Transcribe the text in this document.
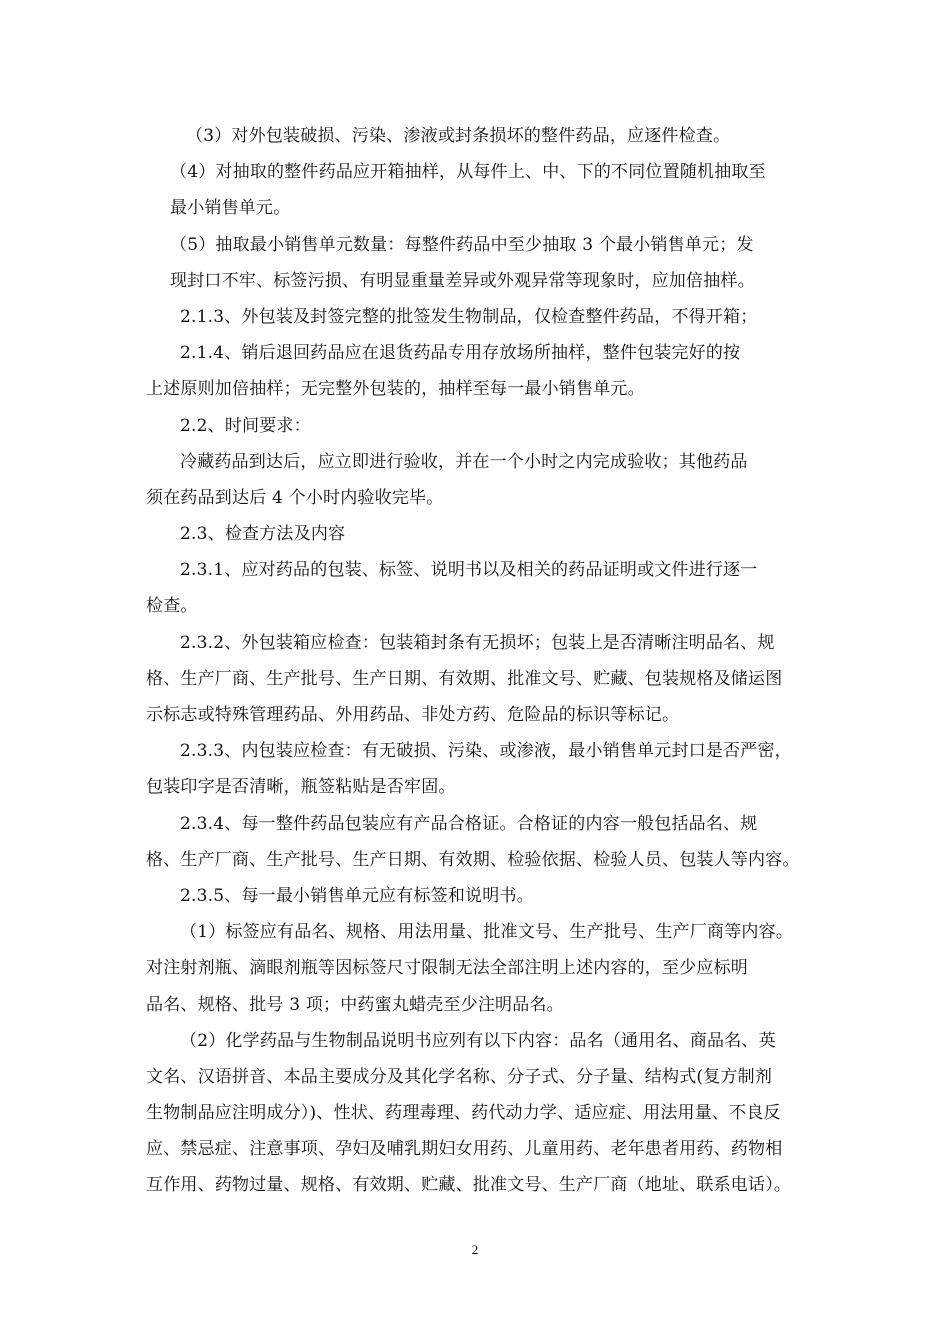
（3）对外包装破损、污染、渗液或封条损坏的整件药品，应逐件检查。
（4）对抽取的整件药品应开箱抽样，从每件上、中、下的不同位置随机抽取至
最小销售单元。
（5）抽取最小销售单元数量：每整件药品中至少抽取 3 个最小销售单元；发
现封口不牢、标签污损、有明显重量差异或外观异常等现象时，应加倍抽样。
2.1.3、外包装及封签完整的批签发生物制品，仅检查整件药品，不得开箱；
2.1.4、销后退回药品应在退货药品专用存放场所抽样，整件包装完好的按
上述原则加倍抽样；无完整外包装的，抽样至每一最小销售单元。
2.2、时间要求：
冷藏药品到达后，应立即进行验收，并在一个小时之内完成验收；其他药品
须在药品到达后 4 个小时内验收完毕。
2.3、检查方法及内容
2.3.1、应对药品的包装、标签、说明书以及相关的药品证明或文件进行逐一
检查。
2.3.2、外包装箱应检查：包装箱封条有无损坏；包装上是否清晰注明品名、规
格、生产厂商、生产批号、生产日期、有效期、批准文号、贮藏、包装规格及储运图
示标志或特殊管理药品、外用药品、非处方药、危险品的标识等标记。
2.3.3、内包装应检查：有无破损、污染、或渗液，最小销售单元封口是否严密，
包装印字是否清晰，瓶签粘贴是否牢固。
2.3.4、每一整件药品包装应有产品合格证。合格证的内容一般包括品名、规
格、生产厂商、生产批号、生产日期、有效期、检验依据、检验人员、包装人等内容。
2.3.5、每一最小销售单元应有标签和说明书。
（1）标签应有品名、规格、用法用量、批准文号、生产批号、生产厂商等内容。
对注射剂瓶、滴眼剂瓶等因标签尺寸限制无法全部注明上述内容的，至少应标明
品名、规格、批号 3 项；中药蜜丸蜡壳至少注明品名。
（2）化学药品与生物制品说明书应列有以下内容：品名（通用名、商品名、英
文名、汉语拼音、本品主要成分及其化学名称、分子式、分子量、结构式(复方制剂
生物制品应注明成分）)、性状、药理毒理、药代动力学、适应症、用法用量、不良反
应、禁忌症、注意事项、孕妇及哺乳期妇女用药、儿童用药、老年患者用药、药物相
互作用、药物过量、规格、有效期、贮藏、批准文号、生产厂商（地址、联系电话）。
2
